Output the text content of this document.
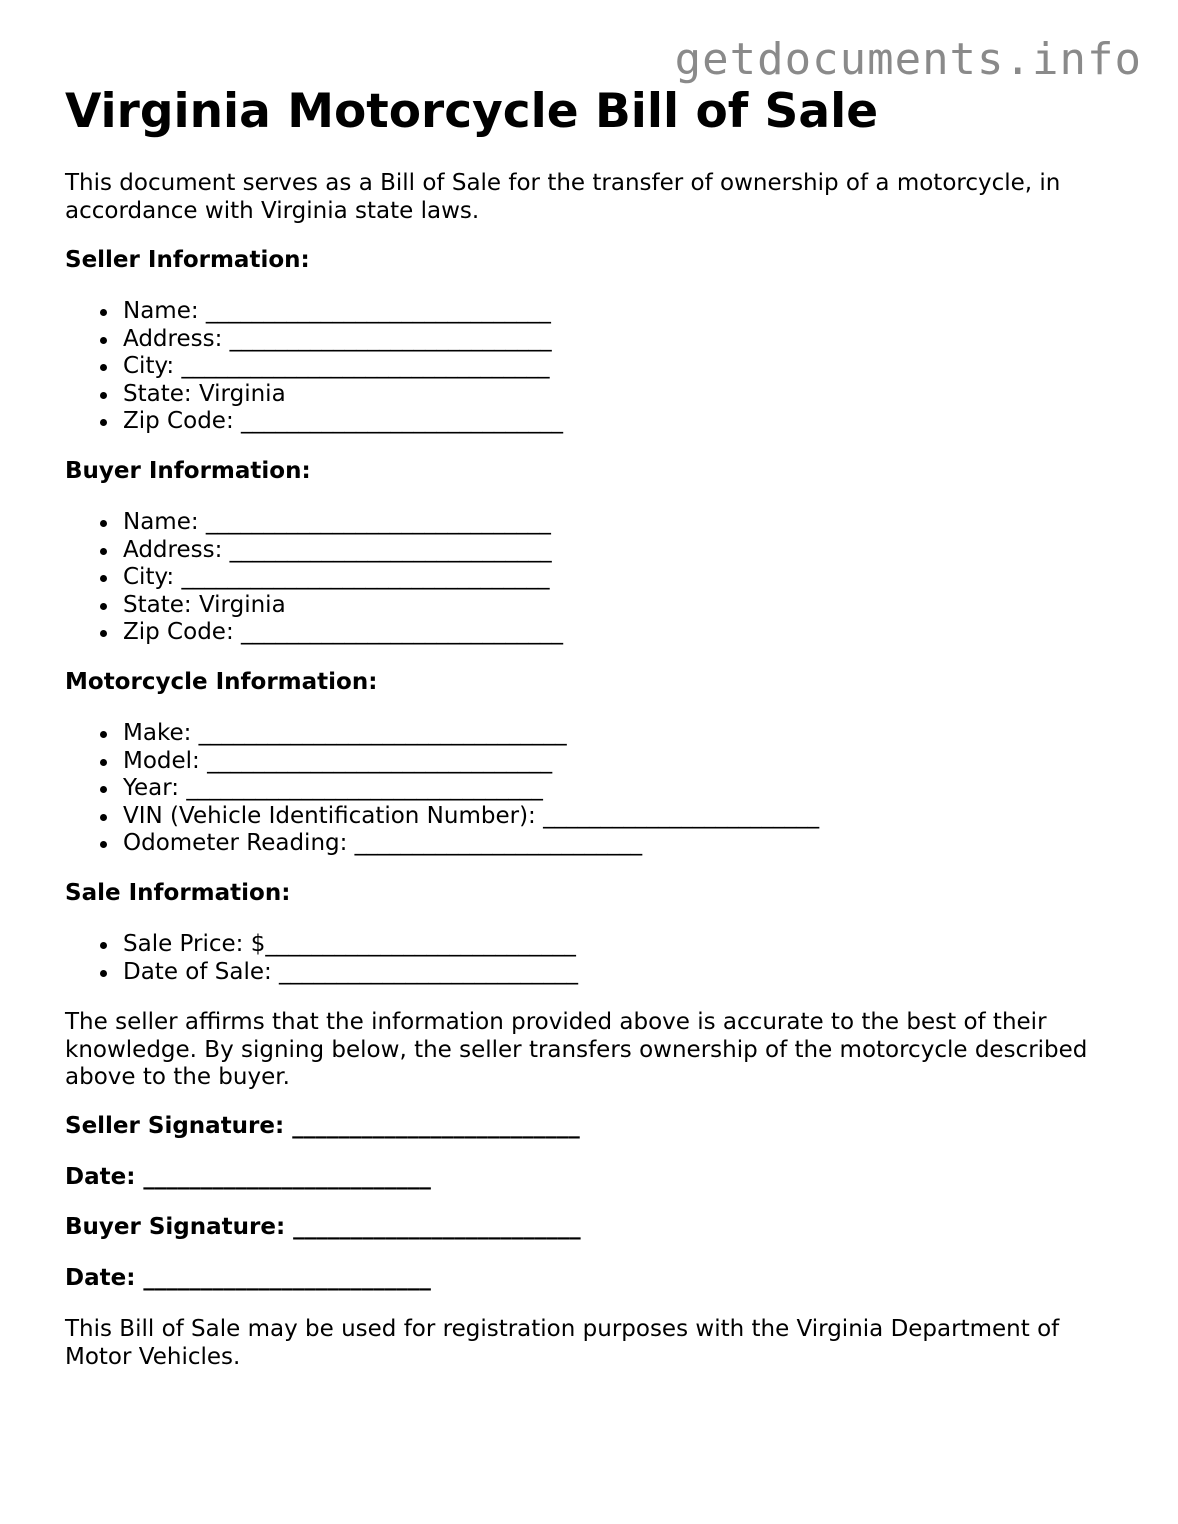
getdocuments.info
Virginia Motorcycle Bill of Sale

This document serves as a Bill of Sale for the transfer of ownership of a motorcycle, in accordance with Virginia state laws.

Seller Information:
Name: ______________________________
Address: ____________________________
City: ________________________________
State: Virginia
Zip Code: ____________________________
Buyer Information:
Name: ______________________________
Address: ____________________________
City: ________________________________
State: Virginia
Zip Code: ____________________________
Motorcycle Information:
Make: ________________________________
Model: ______________________________
Year: _______________________________
VIN (Vehicle Identification Number): ________________________
Odometer Reading: _________________________
Sale Information:
Sale Price: $___________________________
Date of Sale: __________________________

The seller affirms that the information provided above is accurate to the best of their knowledge. By signing below, the seller transfers ownership of the motorcycle described above to the buyer.

Seller Signature: _________________________
Date: _________________________
Buyer Signature: _________________________
Date: _________________________

This Bill of Sale may be used for registration purposes with the Virginia Department of Motor Vehicles.
